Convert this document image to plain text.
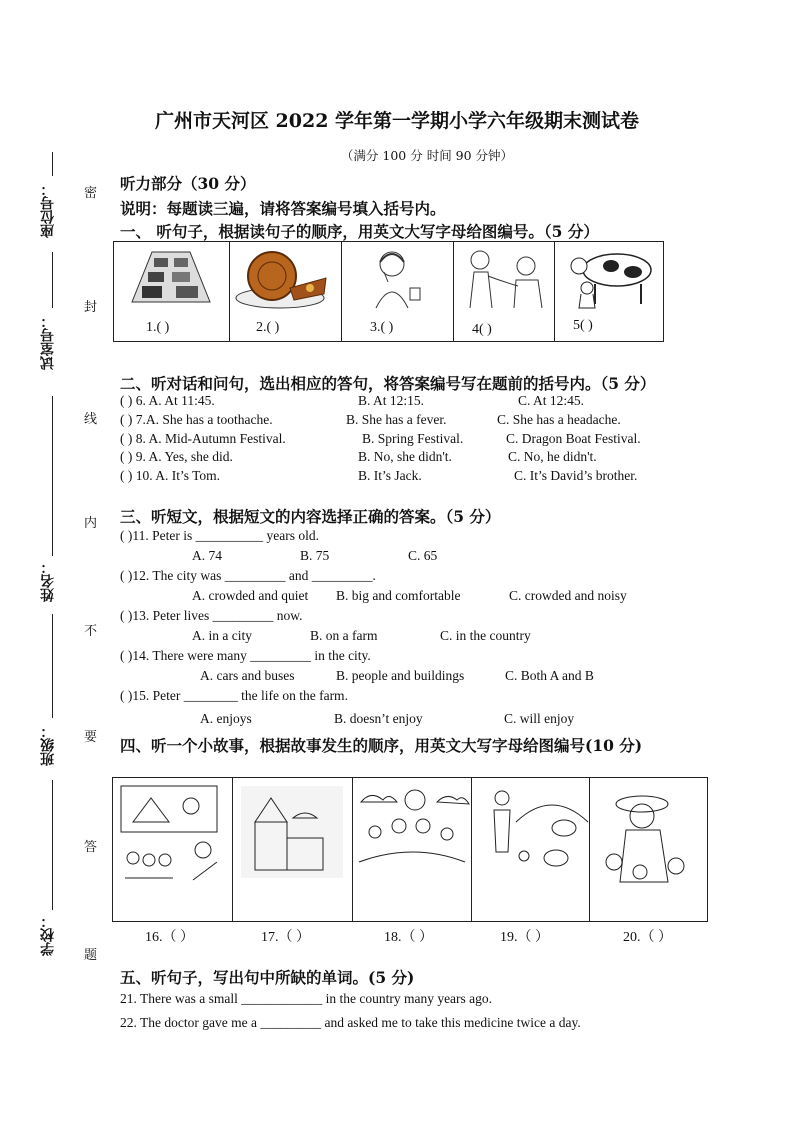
广州市天河区 2022 学年第一学期小学六年级期末测试卷
（满分 100 分 时间 90 分钟）
座位号：
试室号：
姓名：
班级：
学校：
密
封
线
内
不
要
答
题
听力部分（30 分）
说明：每题读三遍，请将答案编号填入括号内。
一、 听句子，根据读句子的顺序，用英文大写字母给图编号。（5 分）
1.( )	2.( )	3.( )	4( )	5( )
二、听对话和问句，选出相应的答句，将答案编号写在题前的括号内。（5 分）
( ) 6. A. At 11:45.	B. At 12:15.	C. At 12:45.
( ) 7.A. She has a toothache.	B. She has a fever.	C. She has a headache.
( ) 8. A. Mid-Autumn Festival.	B. Spring Festival.	C. Dragon Boat Festival.
( ) 9. A. Yes, she did.	B. No, she didn't.	C. No, he didn't.
( ) 10. A. It’s Tom.	B. It’s Jack.	C. It’s David’s brother.
三、听短文，根据短文的内容选择正确的答案。（5 分）
( )11. Peter is __________ years old.
A. 74	B. 75	C. 65
( )12. The city was _________ and _________.
A. crowded and quiet B. big and comfortable	C. crowded and noisy
( )13. Peter lives _________ now.
A. in a city	B. on a farm	C. in the country
( )14. There were many _________ in the city.
A. cars and buses	B. people and buildings	C. Both A and B
( )15. Peter ________ the life on the farm.
A. enjoys	B. doesn’t enjoy	C. will enjoy
四、听一个小故事，根据故事发生的顺序，用英文大写字母给图编号(10 分)
16.（ ）	17.（ ）	18.（ ）	19.（ ）	20.（ ）
五、听句子，写出句中所缺的单词。(5 分)
21. There was a small ____________ in the country many years ago.
22. The doctor gave me a _________ and asked me to take this medicine twice a day.
